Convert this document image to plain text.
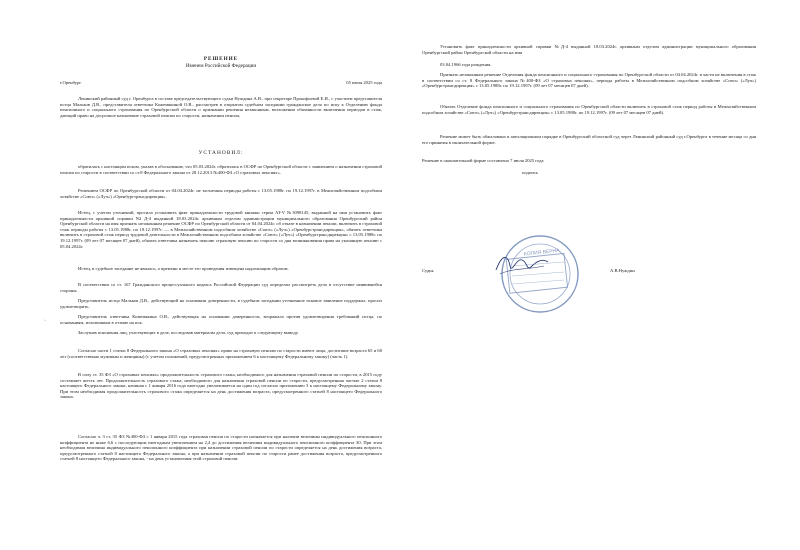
РЕШЕНИЕ
Именем Российской Федерации
г.Оренбург	05 июля 2025 года

Ленинский районный суд г. Оренбурга в составе председательствующего судьи Нуждина А.В., при секретаре Прокофьевой Е.И., с участием представителя истца Мальков Д.В., представителя ответчика Кожемякиной О.В., рассмотрев в открытом судебном заседании гражданское дело по иску к Отделению фонда пенсионного и социального страхования по Оренбургской области о признании решения незаконным, возложении обязанности включения периодов в стаж, дающий право на досрочное назначение страховой пенсии по старости, назначении пенсии,

УСТАНОВИЛ:

обратилась с настоящим иском, указав в обоснование, что 05.03.2024г. обратилась в ОСФР по Оренбургской области с заявлением о назначении страховой пенсии по старости в соответствии со ст.8 Федерального закона от 28.12.2013 №400-ФЗ «О страховых пенсиях».

Решением ОСФР по Оренбургской области от 04.04.2024г. не засчитаны периоды работы с 13.05.1988г. по 19.12.1997г. в Межхозяйственном подсобном хозяйстве «Союз» («Луч») «Оренбургтрансдирекция».

Истец, с учетом уточнений, просила установить факт принадлежности трудовой книжки серии AT-V №3098145, выданной на имя установить факт принадлежности архивной справки N2 Д-4 выданной 18.03.2024г. архивным отделом администрации муниципального образования Оренбургский район Оренбургской области на имя признать незаконным решение ОСФР по Оренбургской области от 04.04.2024г. об отказе в назначении пенсии, включить в страховой стаж периоды работы с 13.05.1988г. по 19.12.1997г. — в Межхозяйственном подсобном хозяйстве «Союз» («Луч») «Оренбургтрансдирекция», обязать ответчика включить в страховой стаж период трудовой деятельности в Межхозяйственном подсобном хозяйстве «Союз» («Луч») «Оренбургтрансдирекция» с 13.05.1988г. по 19.12.1997г. (09 лет 07 месяцев 07 дней), обязать ответчика назначить пенсию страховую пенсию по старости со дня возникновения права на указанную пенсию с 05.04.2024г.

Истец, в судебное заседание не явилась, о времени и месте его проведения извещена надлежащим образом.

В соответствии со ст. 167 Гражданского процессуального кодекса Российской Федерации суд определил рассмотреть дело в отсутствие неявившейся стороны.

Представитель истца Мальков Д.В., действующий на основании доверенности, в судебном заседании уточненное исковое заявление поддержал, просил удовлетворить.

Представитель ответчика Кожемякина О.В., действующая на основании доверенности, возражала против удовлетворения требований истца, по основаниям, изложенным в отзыве на иск.

Заслушав пояснения лиц, участвующих в деле, исследовав материалы дела, суд приходит к следующему выводу.

Согласно части 1 статьи 8 Федерального закона «О страховых пенсиях» право на страховую пенсию по старости имеют лица, достигшие возраста 65 и 60 лет (соответственно мужчины и женщины) (с учетом положений, предусмотренных приложением 6 к настоящему Федеральному закону) (часть 1).

В силу ст. 35 ФЗ «О страховых пенсиях» продолжительность страхового стажа, необходимого для назначения страховой пенсии по старости, в 2015 году составляет шесть лет. Продолжительность страхового стажа, необходимого для назначения страховой пенсии по старости, предусмотренная частью 2 статьи 8 настоящего Федерального закона, начиная с 1 января 2016 года ежегодно увеличивается на один год согласно приложению 3 к настоящему Федеральному закону. При этом необходимая продолжительность страхового стажа определяется на день достижения возраста, предусмотренного статьей 8 настоящего Федерального закона.

Согласно ч. 3 ст. 35 ФЗ №400-ФЗ с 1 января 2015 года страховая пенсия по старости назначается при наличии величины индивидуального пенсионного коэффициента не ниже 6,6 с последующим ежегодным увеличением на 2,4 до достижения величины индивидуального пенсионного коэффициента 30. При этом необходимая величина индивидуального пенсионного коэффициента при назначении страховой пенсии по старости определяется на день достижения возраста, предусмотренного статьей 8 настоящего Федерального закона, а при назначении страховой пенсии по старости ранее достижения возраста, предусмотренного статьей 8 настоящего Федерального закона, - на день установления этой страховой пенсии.

·

Установить факт принадлежности архивной справки №Д-4 выданной 18.03.2024г. архивным отделом администрации муниципального образования Оренбургский район Оренбургской области на имя

03.04.1966 года рождения.

Признать незаконным решение Отделения фонда пенсионного и социального страхования по Оренбургской области от 04.04.2024г. в части не включения в стаж в соответствии со ст. 8 Федерального закона №400-ФЗ «О страховых пенсиях», периода работы в Межхозяйственном подсобном хозяйстве «Союз» («Луч») «Оренбургтрансдирекция» с 13.05.1988г. по 19.12.1997г. (09 лет 07 месяцев 07 дней).

Обязать Отделение фонда пенсионного и социального страхования по Оренбургской области включить в страховой стаж период работы в Межхозяйственном подсобном хозяйстве «Союз» («Луч») «Оренбургтрансдирекция» с 13.05.1988г. по 19.12.1997г. (09 лет 07 месяцев 07 дней).

Решение может быть обжаловано в апелляционном порядке в Оренбургский областной суд через Ленинский районный суд г.Оренбурга в течение месяца со дня его принятия в окончательной форме.

Решение в окончательной форме составлено 7 июля 2025 года

подпись
Судья	А.В.Нуждин
КОПИЯ ВЕРНА
